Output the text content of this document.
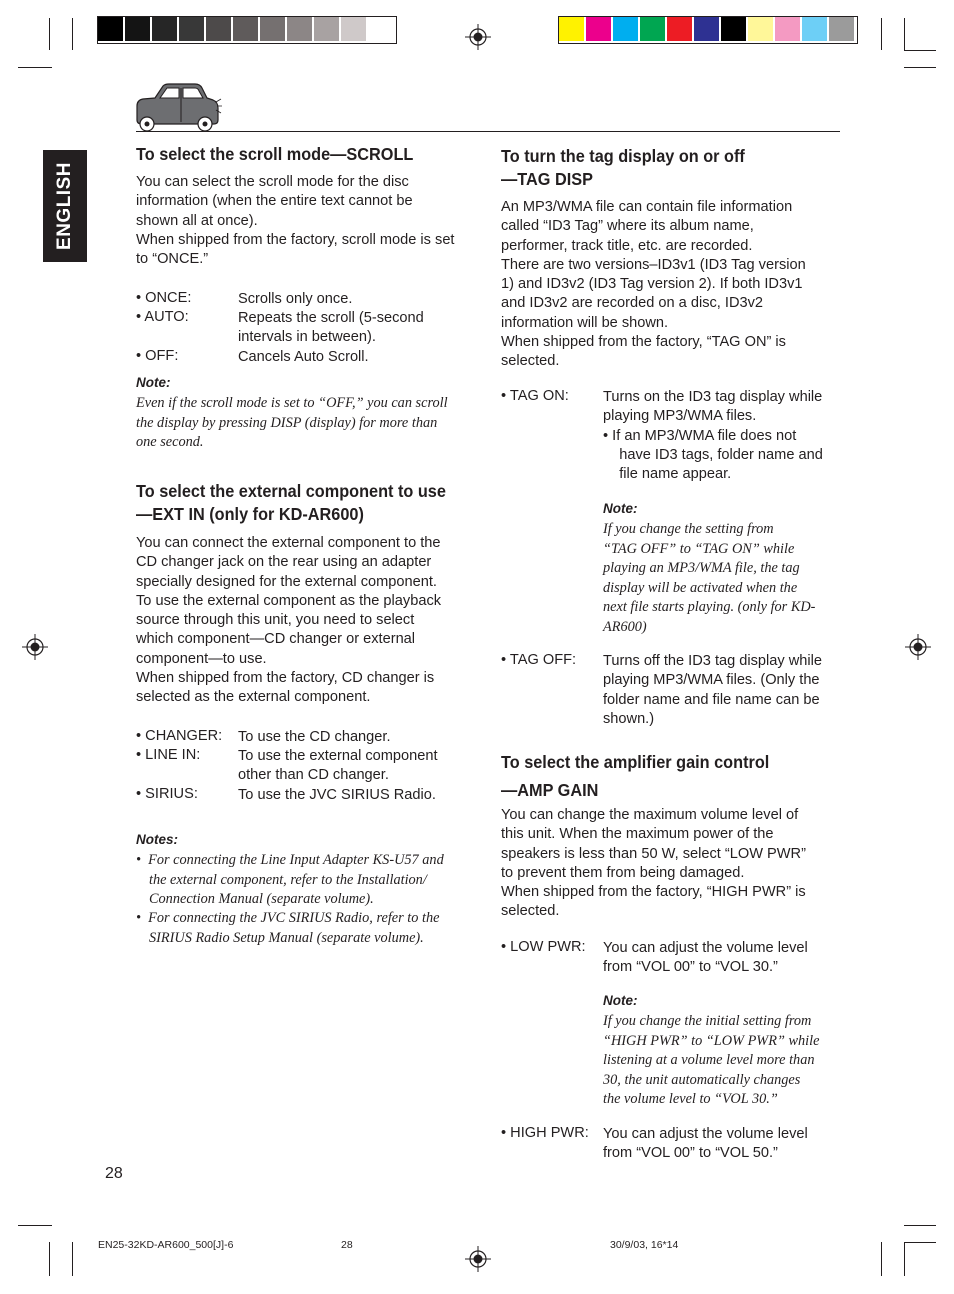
ENGLISH
To select the scroll mode—SCROLL
You can select the scroll mode for the disc
information (when the entire text cannot be
shown all at once).
When shipped from the factory, scroll mode is set
to “ONCE.”
• ONCE:	Scrolls only once.
• AUTO:	Repeats the scroll (5-second
intervals in between).
• OFF:	Cancels Auto Scroll.
Note:
Even if the scroll mode is set to “OFF,” you can scroll
the display by pressing DISP (display) for more than
one second.
To select the external component to use
—EXT IN (only for KD-AR600)
You can connect the external component to the
CD changer jack on the rear using an adapter
specially designed for the external component.
To use the external component as the playback
source through this unit, you need to select
which component—CD changer or external
component—to use.
When shipped from the factory, CD changer is
selected as the external component.
• CHANGER: To use the CD changer.
• LINE IN:	To use the external component
other than CD changer.
• SIRIUS:	To use the JVC SIRIUS Radio.
Notes:
•  For connecting the Line Input Adapter KS-U57 and
the external component, refer to the Installation/
Connection Manual (separate volume).
•  For connecting the JVC SIRIUS Radio, refer to the
SIRIUS Radio Setup Manual (separate volume).
To turn the tag display on or off
—TAG DISP
An MP3/WMA file can contain file information
called “ID3 Tag” where its album name,
performer, track title, etc. are recorded.
There are two versions–ID3v1 (ID3 Tag version
1) and ID3v2 (ID3 Tag version 2). If both ID3v1
and ID3v2 are recorded on a disc, ID3v2
information will be shown.
When shipped from the factory, “TAG ON” is
selected.
• TAG ON: Turns on the ID3 tag display while
playing MP3/WMA files.
• If an MP3/WMA file does not
have ID3 tags, folder name and
file name appear.
Note:
If you change the setting from
“TAG OFF” to “TAG ON” while
playing an MP3/WMA file, the tag
display will be activated when the
next file starts playing. (only for KD-
AR600)
• TAG OFF: Turns off the ID3 tag display while
playing MP3/WMA files. (Only the
folder name and file name can be
shown.)
To select the amplifier gain control
—AMP GAIN
You can change the maximum volume level of
this unit. When the maximum power of the
speakers is less than 50 W, select “LOW PWR”
to prevent them from being damaged.
When shipped from the factory, “HIGH PWR” is
selected.
• LOW PWR: You can adjust the volume level
from “VOL 00” to “VOL 30.”
Note:
If you change the initial setting from
“HIGH PWR” to “LOW PWR” while
listening at a volume level more than
30, the unit automatically changes
the volume level to “VOL 30.”
• HIGH PWR: You can adjust the volume level
from “VOL 00” to “VOL 50.”
28
EN25-32KD-AR600_500[J]-6	28	30/9/03, 16*14
